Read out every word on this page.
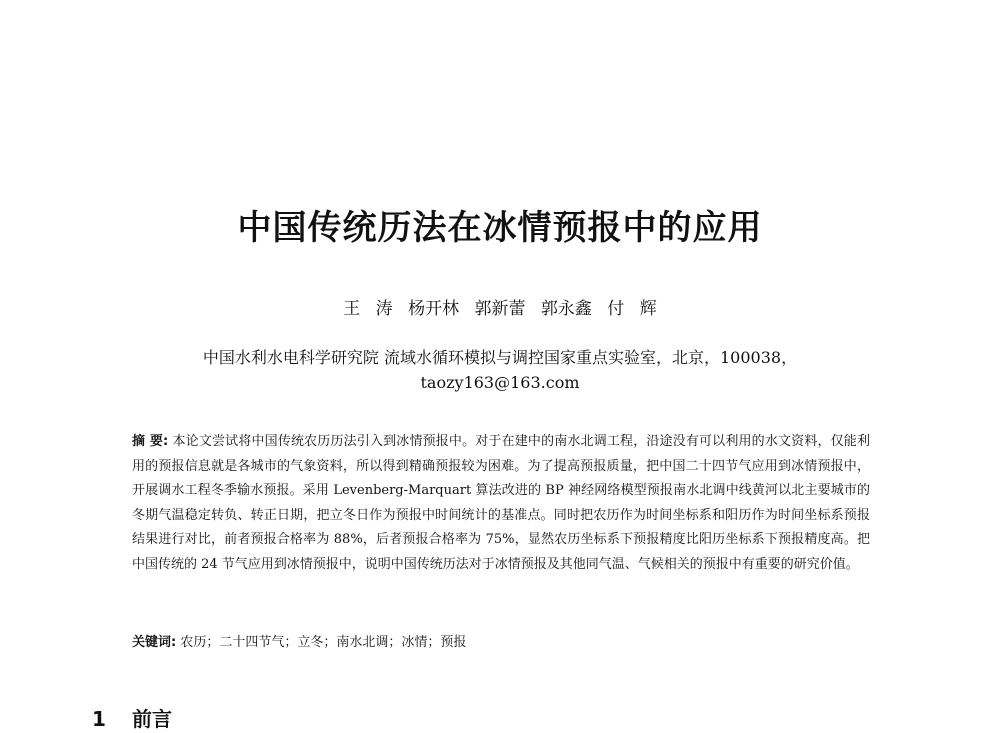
中国传统历法在冰情预报中的应用
王 涛 杨开林 郭新蕾 郭永鑫 付 辉
中国水利水电科学研究院 流域水循环模拟与调控国家重点实验室，北京，100038，
taozy163@163.com
摘 要: 本论文尝试将中国传统农历历法引入到冰情预报中。对于在建中的南水北调工程，沿途没有可以利用的水文资料，仅能利用的预报信息就是各城市的气象资料，所以得到精确预报较为困难。为了提高预报质量，把中国二十四节气应用到冰情预报中，开展调水工程冬季输水预报。采用 Levenberg-Marquart 算法改进的 BP 神经网络模型预报南水北调中线黄河以北主要城市的冬期气温稳定转负、转正日期，把立冬日作为预报中时间统计的基准点。同时把农历作为时间坐标系和阳历作为时间坐标系预报结果进行对比，前者预报合格率为 88%，后者预报合格率为 75%，显然农历坐标系下预报精度比阳历坐标系下预报精度高。把中国传统的 24 节气应用到冰情预报中，说明中国传统历法对于冰情预报及其他同气温、气候相关的预报中有重要的研究价值。
关键词: 农历；二十四节气；立冬；南水北调；冰情；预报
1 前言
